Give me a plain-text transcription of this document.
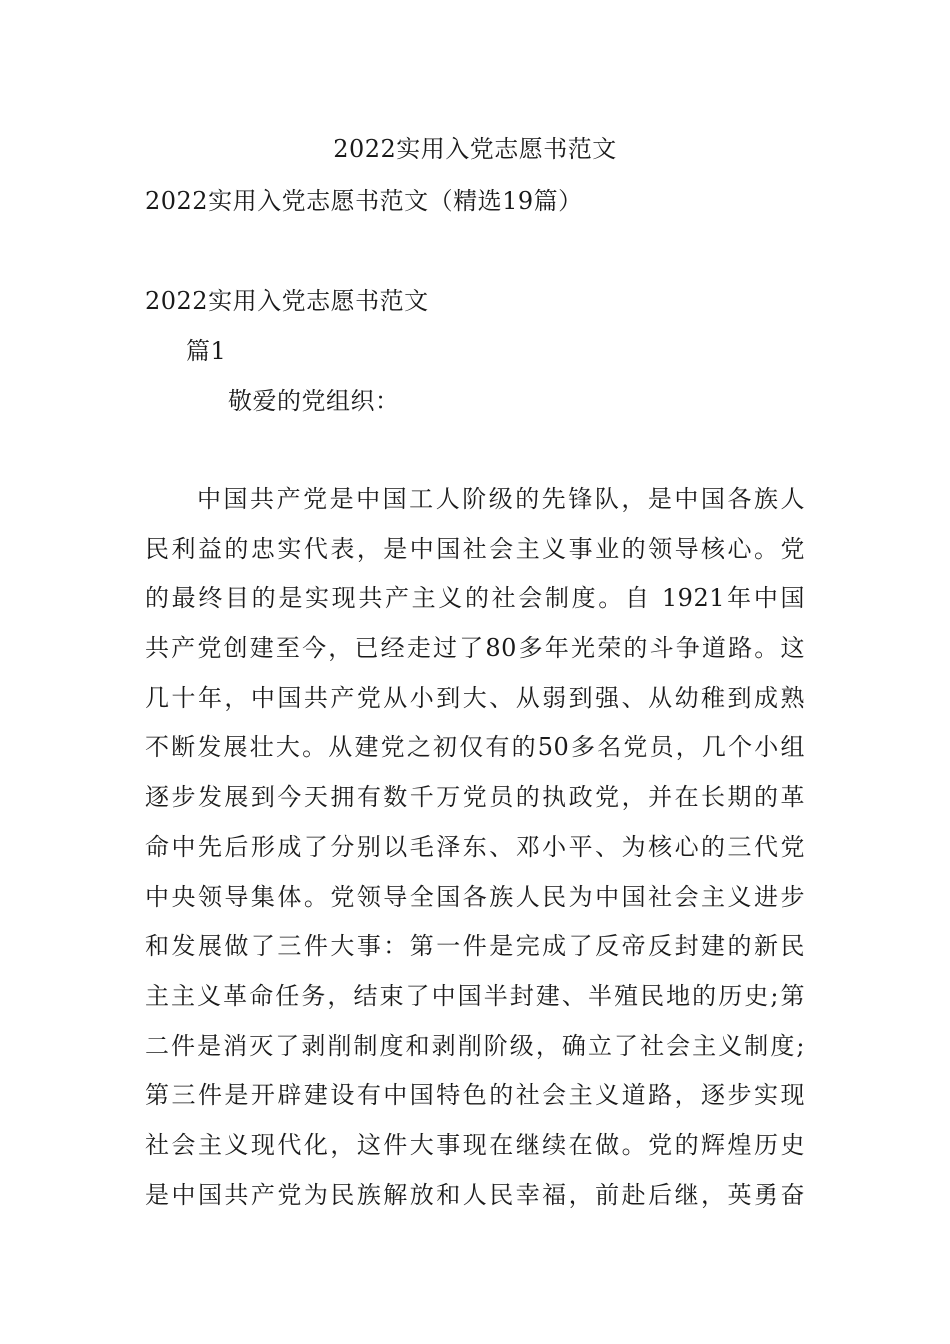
2022实用入党志愿书范文
2022实用入党志愿书范文（精选19篇）
2022实用入党志愿书范文
篇1
敬爱的党组织：
中国共产党是中国工人阶级的先锋队，是中国各族人
民利益的忠实代表，是中国社会主义事业的领导核心。党
的最终目的是实现共产主义的社会制度。自 1921年中国
共产党创建至今，已经走过了80多年光荣的斗争道路。这
几十年，中国共产党从小到大、从弱到强、从幼稚到成熟
不断发展壮大。从建党之初仅有的50多名党员，几个小组
逐步发展到今天拥有数千万党员的执政党，并在长期的革
命中先后形成了分别以毛泽东、邓小平、为核心的三代党
中央领导集体。党领导全国各族人民为中国社会主义进步
和发展做了三件大事：第一件是完成了反帝反封建的新民
主主义革命任务，结束了中国半封建、半殖民地的历史;第
二件是消灭了剥削制度和剥削阶级，确立了社会主义制度;
第三件是开辟建设有中国特色的社会主义道路，逐步实现
社会主义现代化，这件大事现在继续在做。党的辉煌历史
是中国共产党为民族解放和人民幸福，前赴后继，英勇奋
